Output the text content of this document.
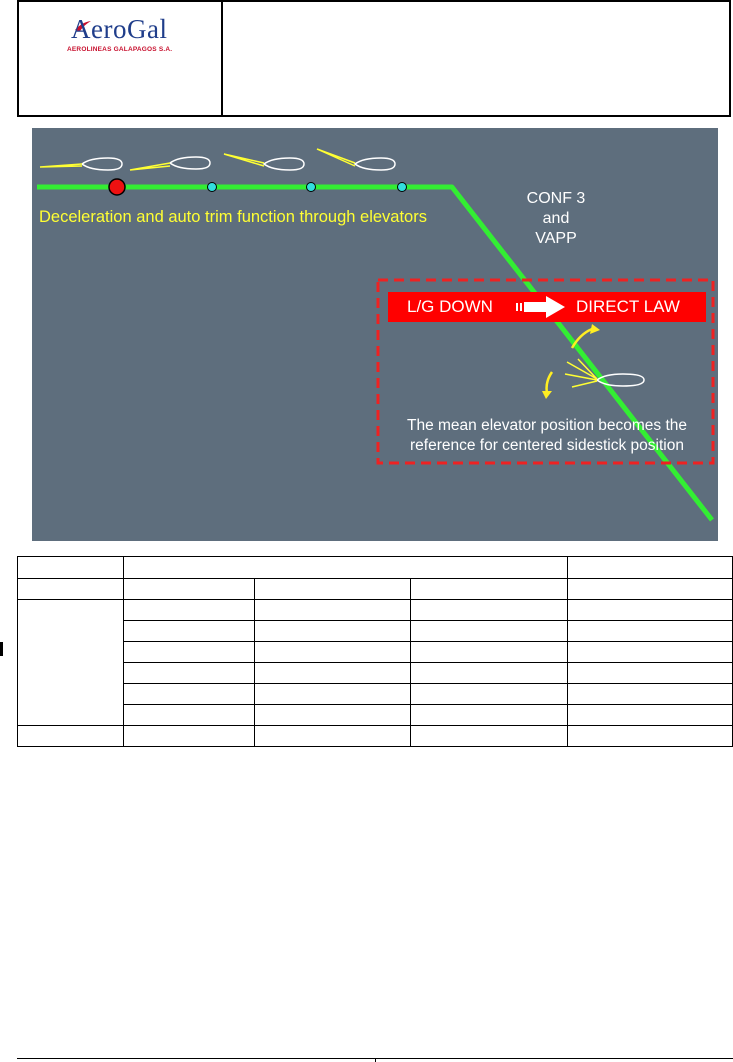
AeroGal
AEROLINEAS GALAPAGOS S.A.
Deceleration and auto trim function through elevators
CONF 3
and
VAPP
L/G DOWN	DIRECT LAW
The mean elevator position becomes the reference for centered sidestick position
